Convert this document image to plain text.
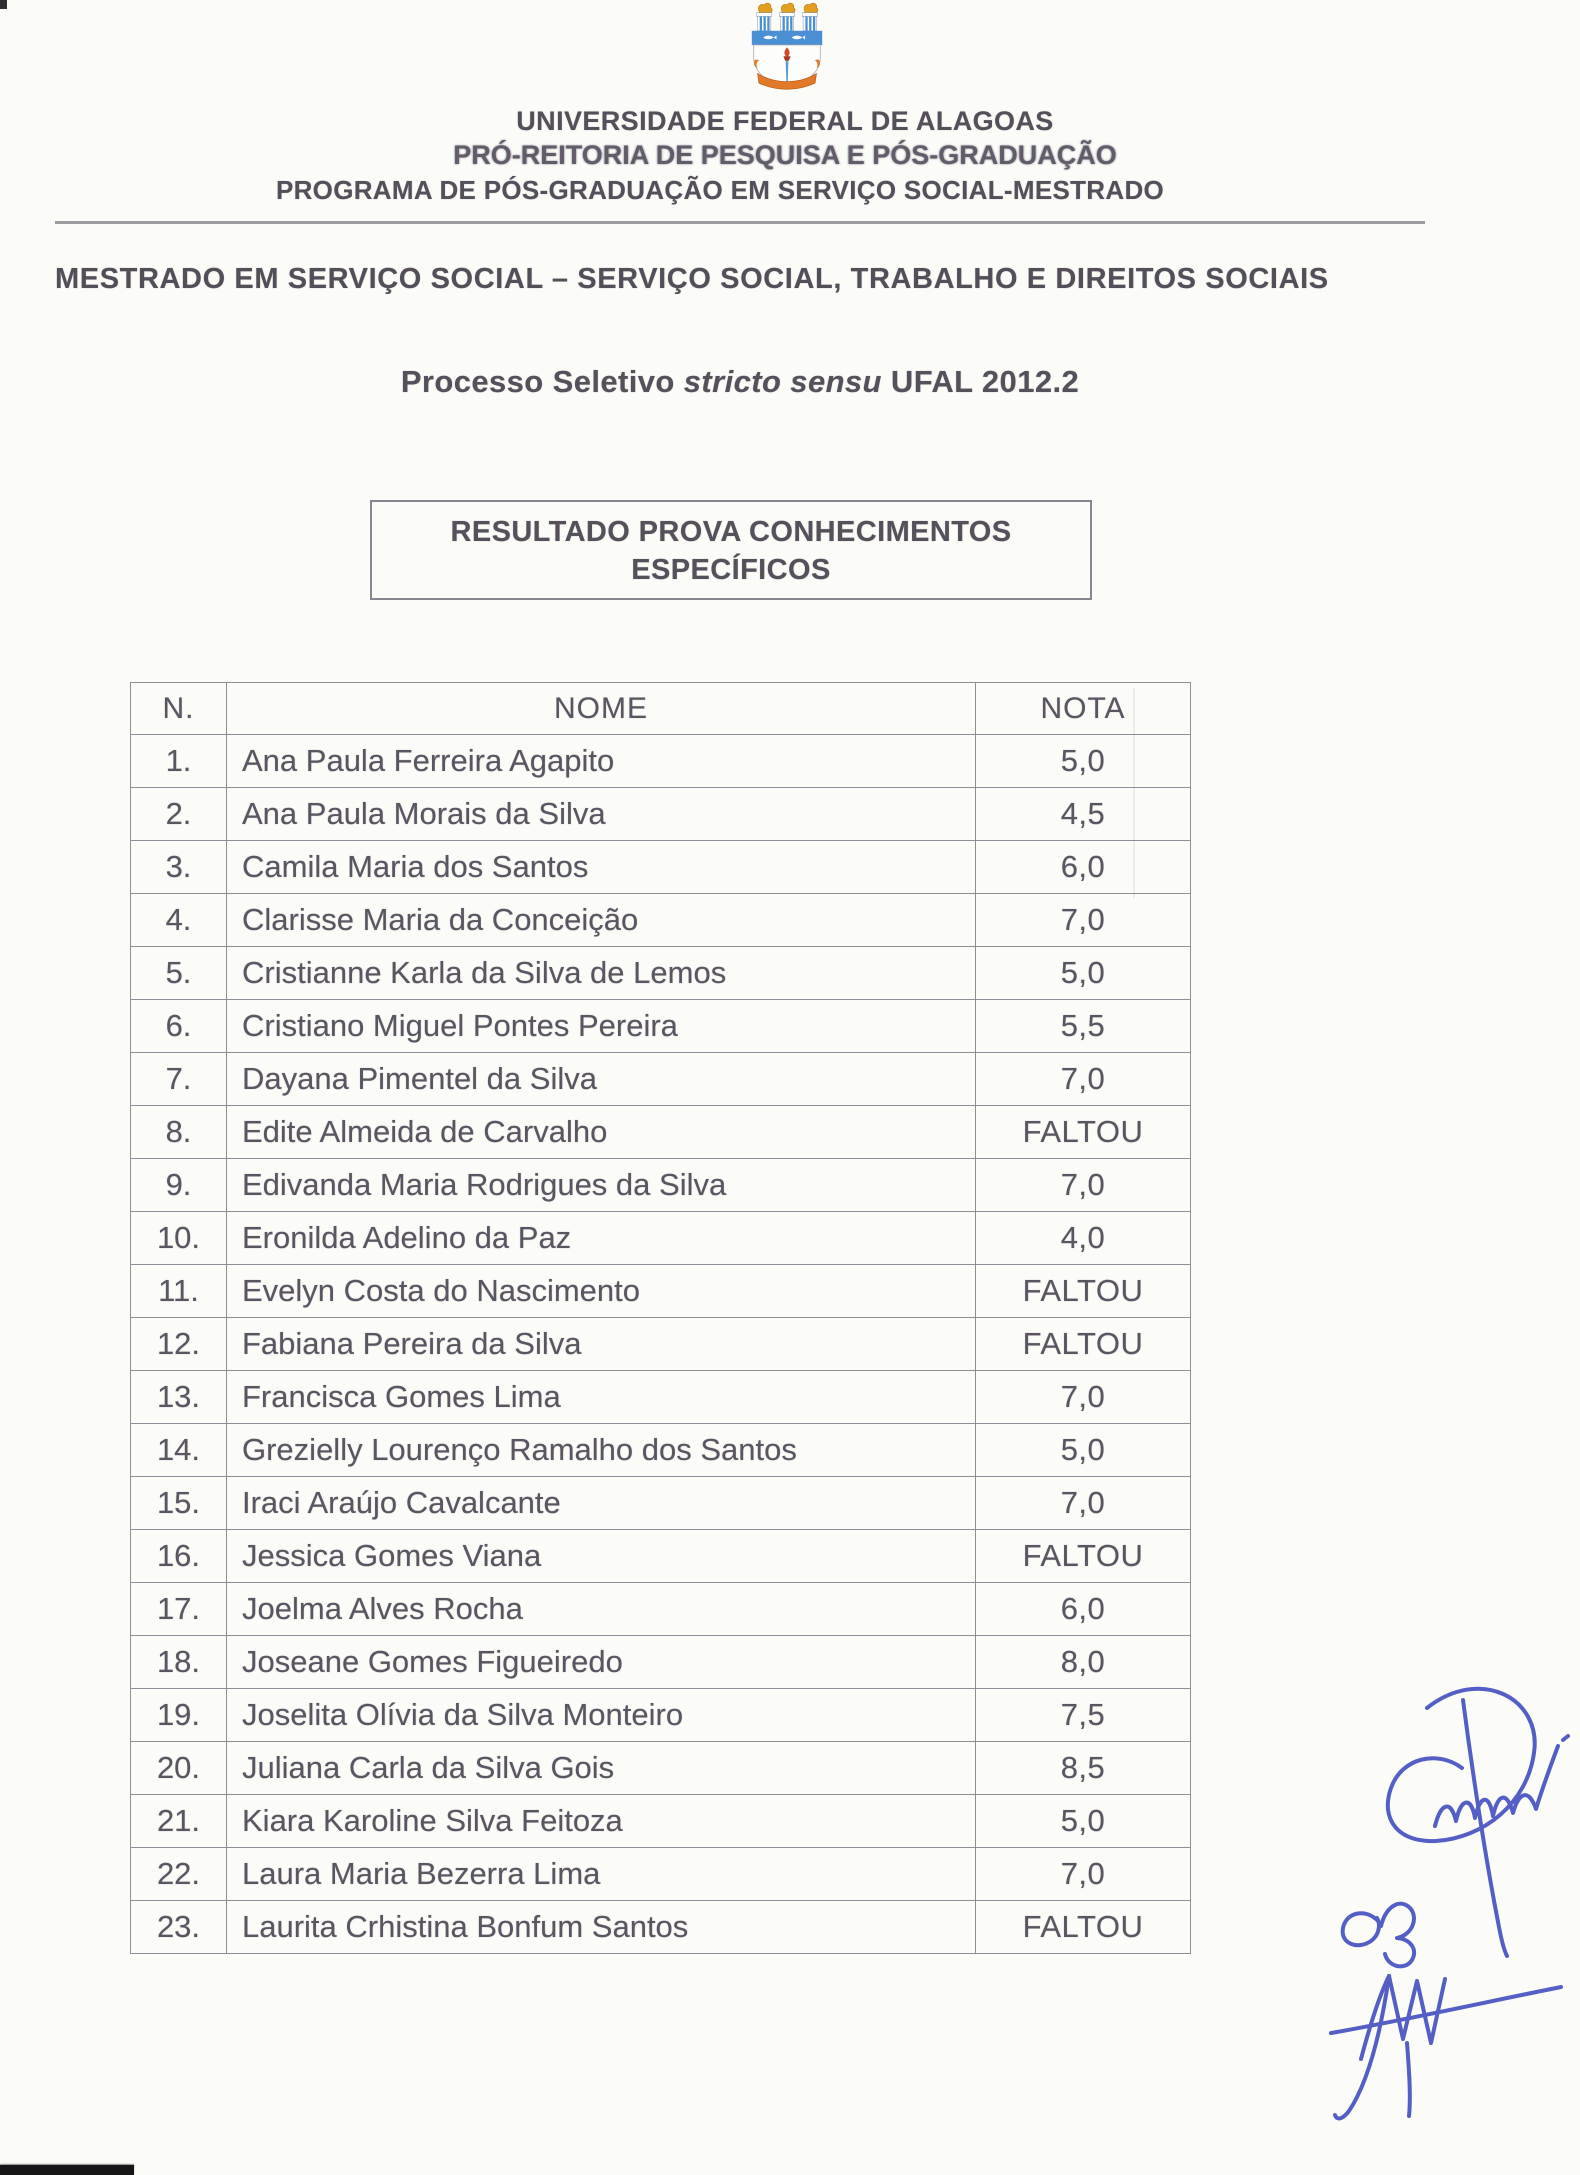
UNIVERSIDADE FEDERAL DE ALAGOAS
PRÓ-REITORIA DE PESQUISA E PÓS-GRADUAÇÃO
PROGRAMA DE PÓS-GRADUAÇÃO EM SERVIÇO SOCIAL-MESTRADO
MESTRADO EM SERVIÇO SOCIAL – SERVIÇO SOCIAL, TRABALHO E DIREITOS SOCIAIS
Processo Seletivo stricto sensu UFAL 2012.2
RESULTADO PROVA CONHECIMENTOS
ESPECÍFICOS
N.	NOME	NOTA
1.	Ana Paula Ferreira Agapito	5,0
2.	Ana Paula Morais da Silva	4,5
3.	Camila Maria dos Santos	6,0
4.	Clarisse Maria da Conceição	7,0
5.	Cristianne Karla da Silva de Lemos	5,0
6.	Cristiano Miguel Pontes Pereira	5,5
7.	Dayana Pimentel da Silva	7,0
8.	Edite Almeida de Carvalho	FALTOU
9.	Edivanda Maria Rodrigues da Silva	7,0
10.	Eronilda Adelino da Paz	4,0
11.	Evelyn Costa do Nascimento	FALTOU
12.	Fabiana Pereira da Silva	FALTOU
13.	Francisca Gomes Lima	7,0
14.	Grezielly Lourenço Ramalho dos Santos	5,0
15.	Iraci Araújo Cavalcante	7,0
16.	Jessica Gomes Viana	FALTOU
17.	Joelma Alves Rocha	6,0
18.	Joseane Gomes Figueiredo	8,0
19.	Joselita Olívia da Silva Monteiro	7,5
20.	Juliana Carla da Silva Gois	8,5
21.	Kiara Karoline Silva Feitoza	5,0
22.	Laura Maria Bezerra Lima	7,0
23.	Laurita Crhistina Bonfum Santos	FALTOU
